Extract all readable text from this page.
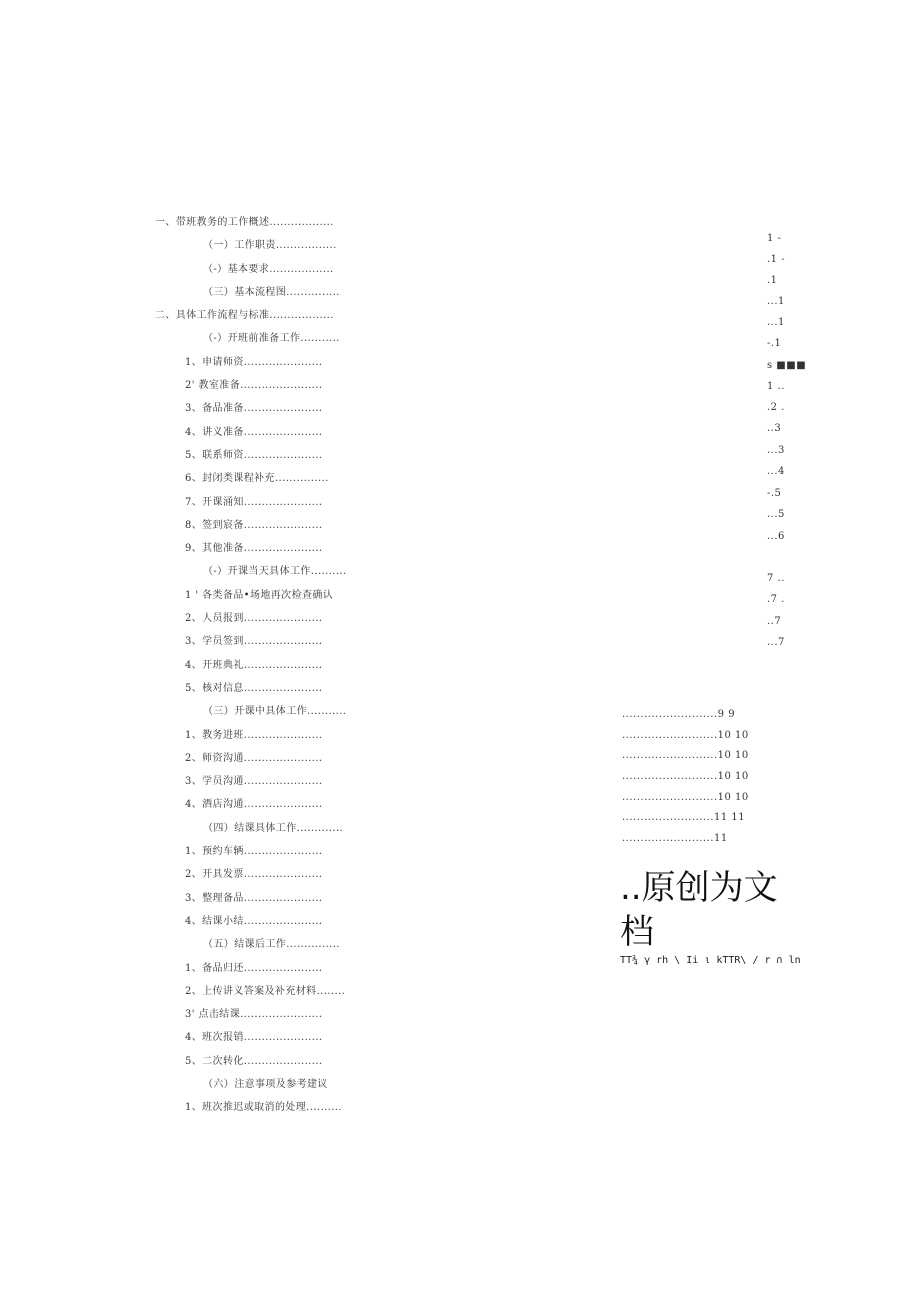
一、带班教务的工作概述..................
（一）工作职责.................
（-）基本要求..................
（三）基本流程图...............
二、具体工作流程与标准..................
（-）开班前准备工作...........
1、申请师资......................
2' 教室准备.......................
3、备品准备......................
4、讲义准备......................
5、联系师资......................
6、封闭类课程补充...............
7、开课涌知......................
8、签到宸备......................
9、其他准备......................
（-）开课当天具体工作..........
1 ' 各类备品•场地再次检查确认
2、人员报到......................
3、学员签到......................
4、开班典礼......................
5、核对信息......................
（三）开课中具体工作...........
1、教务进班......................
2、师资沟通......................
3、学员沟通......................
4、酒店沟通......................
（四）结课具体工作.............
1、预约车辆......................
2、开具发票......................
3、整理备品......................
4、结课小结......................
（五）结课后工作...............
1、备品归还......................
2、上传讲义答案及补充材料........
3' 点击结课.......................
4、班次报销......................
5、二次转化......................
（六）注意事项及参考建议
1、班次推迟或取消的处理..........
1 -
.1 -
.1
...1
...1
-.1
s ■■■
1 ..
.2 .
..3
...3
...4
-.5
...5
...6
7 ..
.7 .
..7
...7
..........................9 9
..........................10 10
..........................10 10
..........................10 10
..........................10 10
.........................11 11
.........................11
..原创为文档
TT¾ γ rh \ Ii ι kTTR\ / r ∩ ln
